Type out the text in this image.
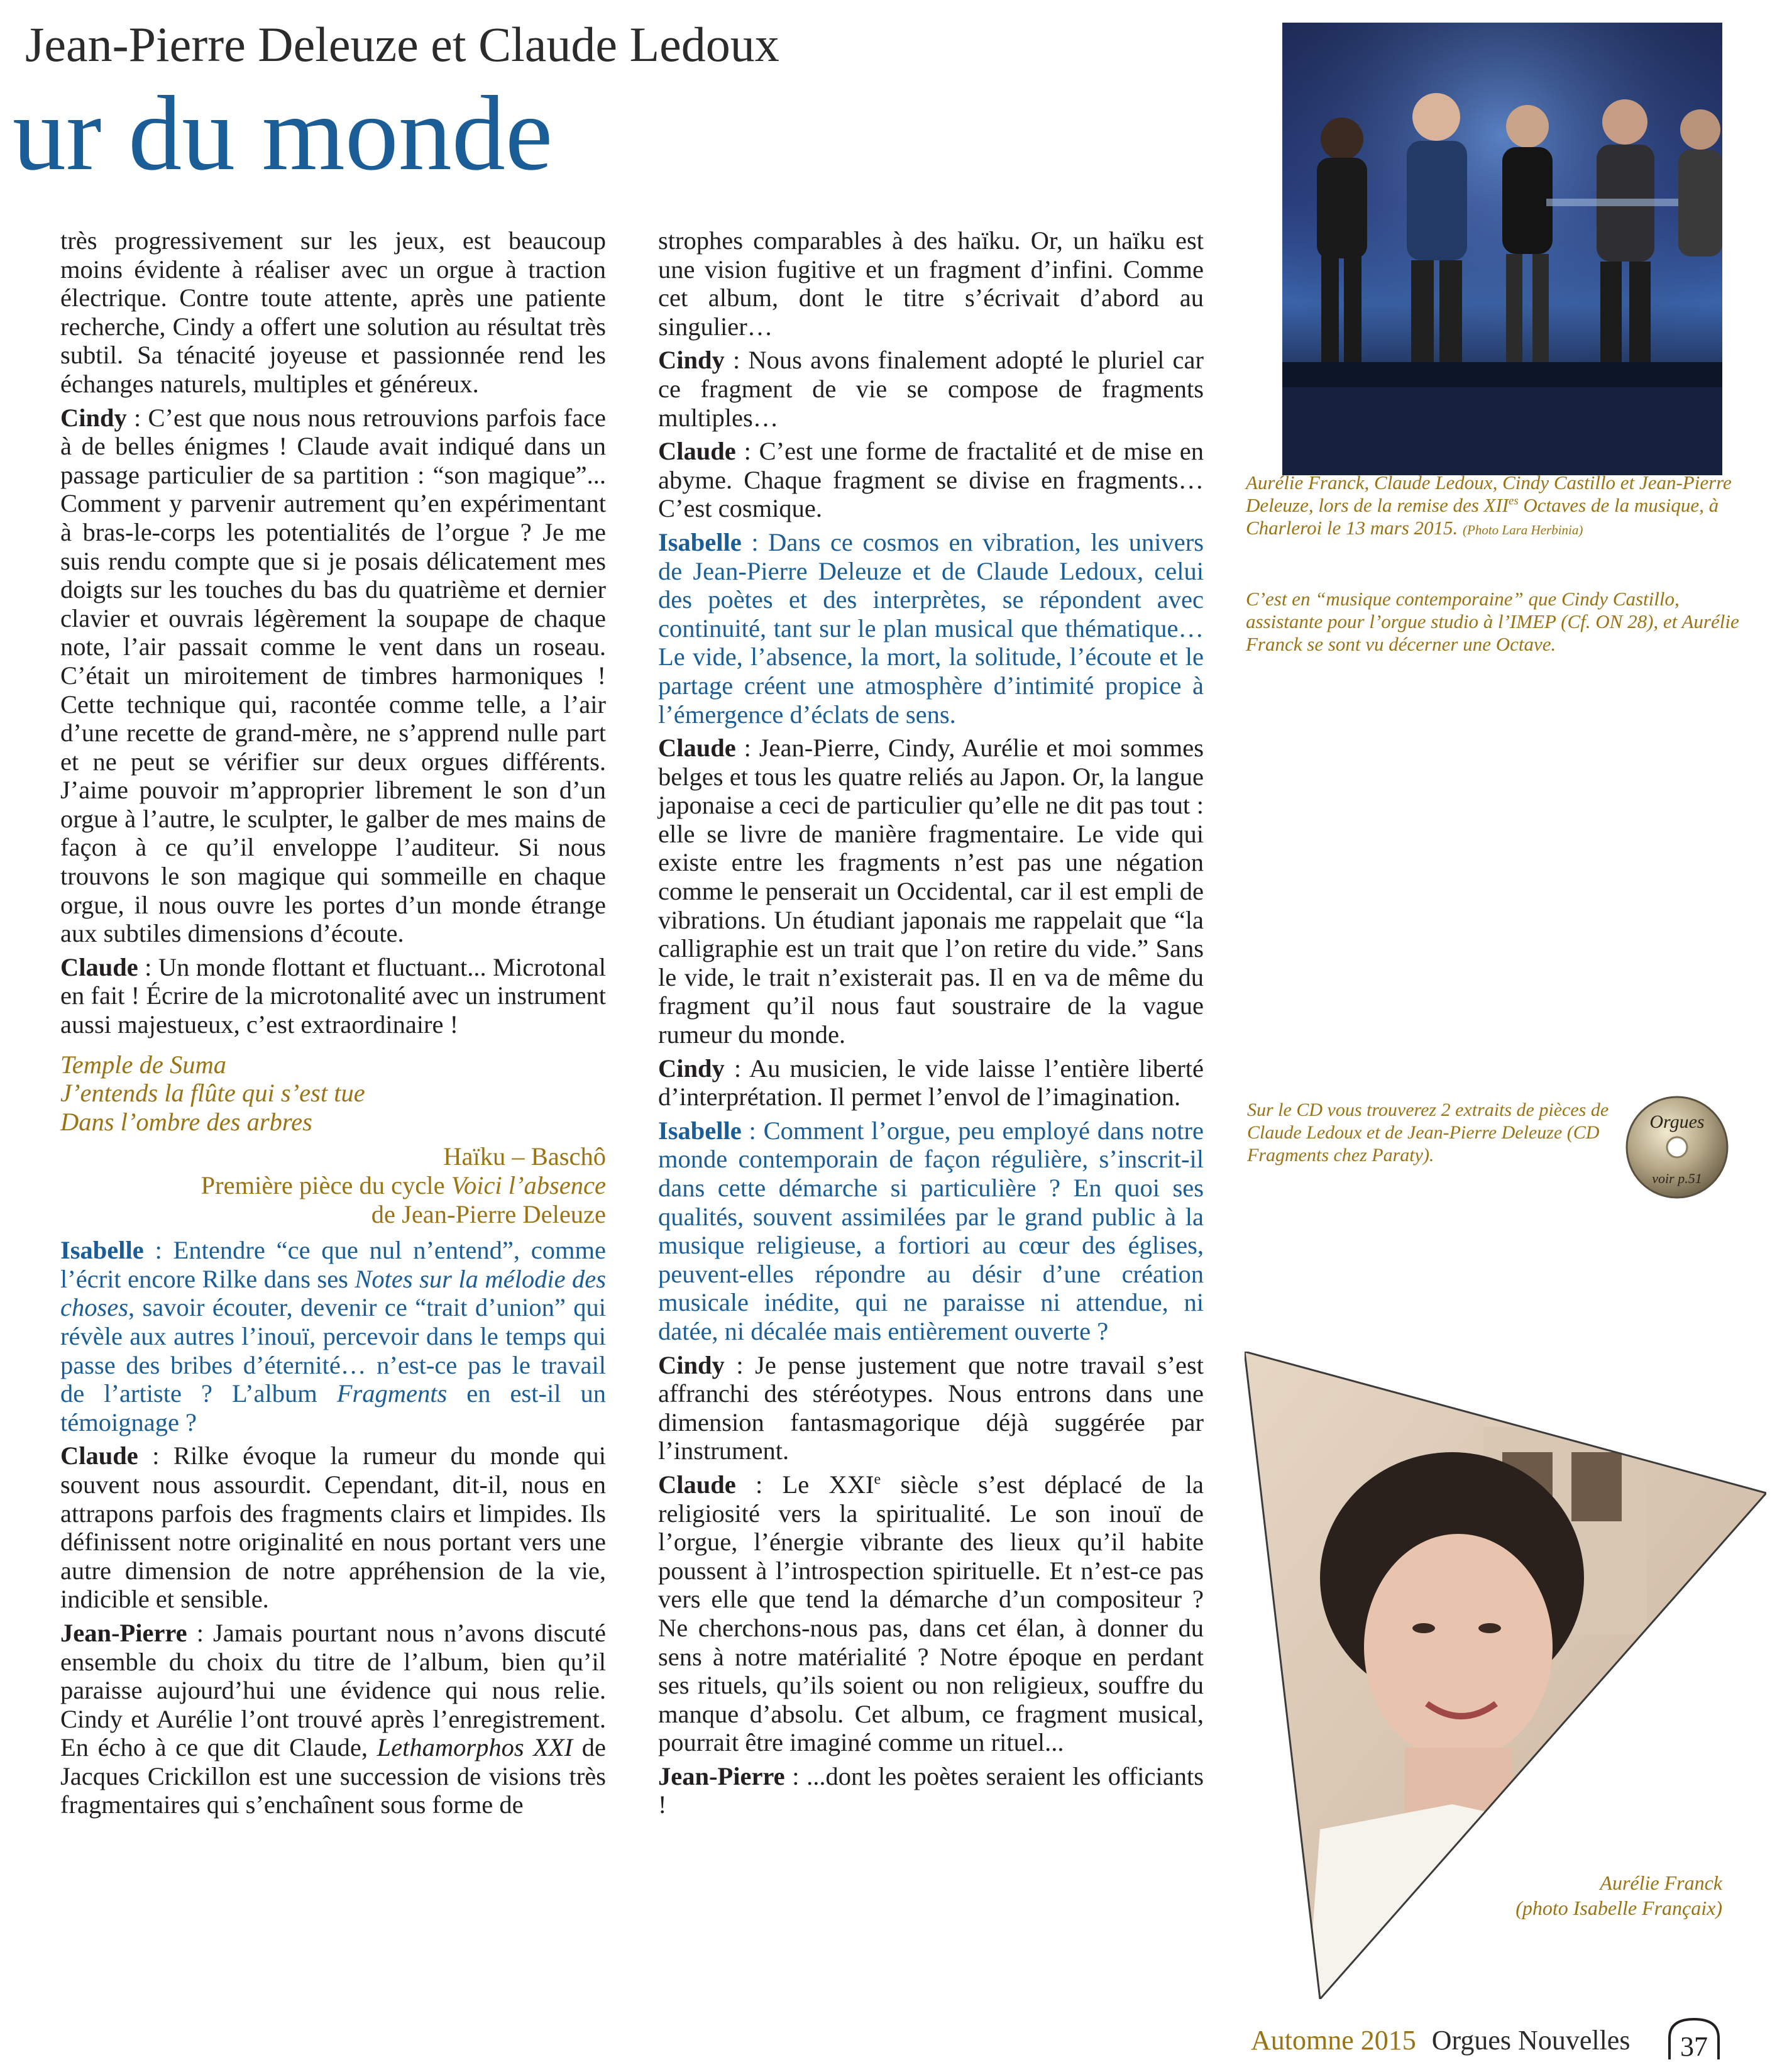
Jean-Pierre Deleuze et Claude Ledoux
ur du monde

très progressivement sur les jeux, est beaucoup moins évidente à réaliser avec un orgue à traction électrique. Contre toute attente, après une patiente recherche, Cindy a offert une solution au résultat très subtil. Sa ténacité joyeuse et passionnée rend les échanges naturels, multiples et généreux.

Cindy : C’est que nous nous retrouvions parfois face à de belles énigmes ! Claude avait indiqué dans un passage particulier de sa partition : “son magique”... Comment y parvenir autrement qu’en expérimentant à bras-le-corps les potentialités de l’orgue ? Je me suis rendu compte que si je posais délicatement mes doigts sur les touches du bas du quatrième et dernier clavier et ouvrais légèrement la soupape de chaque note, l’air passait comme le vent dans un roseau. C’était un miroitement de timbres harmoniques ! Cette technique qui, racontée comme telle, a l’air d’une recette de grand-mère, ne s’apprend nulle part et ne peut se vérifier sur deux orgues différents. J’aime pouvoir m’approprier librement le son d’un orgue à l’autre, le sculpter, le galber de mes mains de façon à ce qu’il enveloppe l’auditeur. Si nous trouvons le son magique qui sommeille en chaque orgue, il nous ouvre les portes d’un monde étrange aux subtiles dimensions d’écoute.

Claude : Un monde flottant et fluctuant... Microtonal en fait ! Écrire de la microtonalité avec un instrument aussi majestueux, c’est extraordinaire !

Temple de Suma
J’entends la flûte qui s’est tue
Dans l’ombre des arbres

Haïku – Baschô
Première pièce du cycle Voici l’absence
de Jean-Pierre Deleuze

Isabelle : Entendre “ce que nul n’entend”, comme l’écrit encore Rilke dans ses Notes sur la mélodie des choses, savoir écouter, devenir ce “trait d’union” qui révèle aux autres l’inouï, percevoir dans le temps qui passe des bribes d’éternité… n’est-ce pas le travail de l’artiste ? L’album Fragments en est-il un témoignage ?

Claude : Rilke évoque la rumeur du monde qui souvent nous assourdit. Cependant, dit-il, nous en attrapons parfois des fragments clairs et limpides. Ils définissent notre originalité en nous portant vers une autre dimension de notre appréhension de la vie, indicible et sensible.

Jean-Pierre : Jamais pourtant nous n’avons discuté ensemble du choix du titre de l’album, bien qu’il paraisse aujourd’hui une évidence qui nous relie. Cindy et Aurélie l’ont trouvé après l’enregistrement. En écho à ce que dit Claude, Lethamorphos XXI de Jacques Crickillon est une succession de visions très fragmentaires qui s’enchaînent sous forme de

strophes comparables à des haïku. Or, un haïku est une vision fugitive et un fragment d’infini. Comme cet album, dont le titre s’écrivait d’abord au singulier…

Cindy : Nous avons finalement adopté le pluriel car ce fragment de vie se compose de fragments multiples…

Claude : C’est une forme de fractalité et de mise en abyme. Chaque fragment se divise en fragments… C’est cosmique.

Isabelle : Dans ce cosmos en vibration, les univers de Jean-Pierre Deleuze et de Claude Ledoux, celui des poètes et des interprètes, se répondent avec continuité, tant sur le plan musical que thématique… Le vide, l’absence, la mort, la solitude, l’écoute et le partage créent une atmosphère d’intimité propice à l’émergence d’éclats de sens.

Claude : Jean-Pierre, Cindy, Aurélie et moi sommes belges et tous les quatre reliés au Japon. Or, la langue japonaise a ceci de particulier qu’elle ne dit pas tout : elle se livre de manière fragmentaire. Le vide qui existe entre les fragments n’est pas une négation comme le penserait un Occidental, car il est empli de vibrations. Un étudiant japonais me rappelait que “la calligraphie est un trait que l’on retire du vide.” Sans le vide, le trait n’existerait pas. Il en va de même du fragment qu’il nous faut soustraire de la vague rumeur du monde.

Cindy : Au musicien, le vide laisse l’entière liberté d’interprétation. Il permet l’envol de l’imagination.

Isabelle : Comment l’orgue, peu employé dans notre monde contemporain de façon régulière, s’inscrit-il dans cette démarche si particulière ? En quoi ses qualités, souvent assimilées par le grand public à la musique religieuse, a fortiori au cœur des églises, peuvent-elles répondre au désir d’une création musicale inédite, qui ne paraisse ni attendue, ni datée, ni décalée mais entièrement ouverte ?

Cindy : Je pense justement que notre travail s’est affranchi des stéréotypes. Nous entrons dans une dimension fantasmagorique déjà suggérée par l’instrument.

Claude : Le XXIe siècle s’est déplacé de la religiosité vers la spiritualité. Le son inouï de l’orgue, l’énergie vibrante des lieux qu’il habite poussent à l’introspection spirituelle. Et n’est-ce pas vers elle que tend la démarche d’un compositeur ? Ne cherchons-nous pas, dans cet élan, à donner du sens à notre matérialité ? Notre époque en perdant ses rituels, qu’ils soient ou non religieux, souffre du manque d’absolu. Cet album, ce fragment musical, pourrait être imaginé comme un rituel...

Jean-Pierre : ...dont les poètes seraient les officiants !

Aurélie Franck, Claude Ledoux, Cindy Castillo et Jean-Pierre Deleuze, lors de la remise des $XII^{es}$ Octaves de la musique, à Charleroi le 13 mars 2015. (Photo Lara Herbinia)
C’est en “musique contemporaine” que Cindy Castillo, assistante pour l’orgue studio à l’IMEP (Cf. ON 28), et Aurélie Franck se sont vu décerner une Octave.
Sur le CD vous trouverez 2 extraits de pièces de Claude Ledoux et de Jean-Pierre Deleuze (CD Fragments chez Paraty).
Orgues
voir p.51
Aurélie Franck
(photo Isabelle Françaix)
Automne 2015 Orgues Nouvelles 37
